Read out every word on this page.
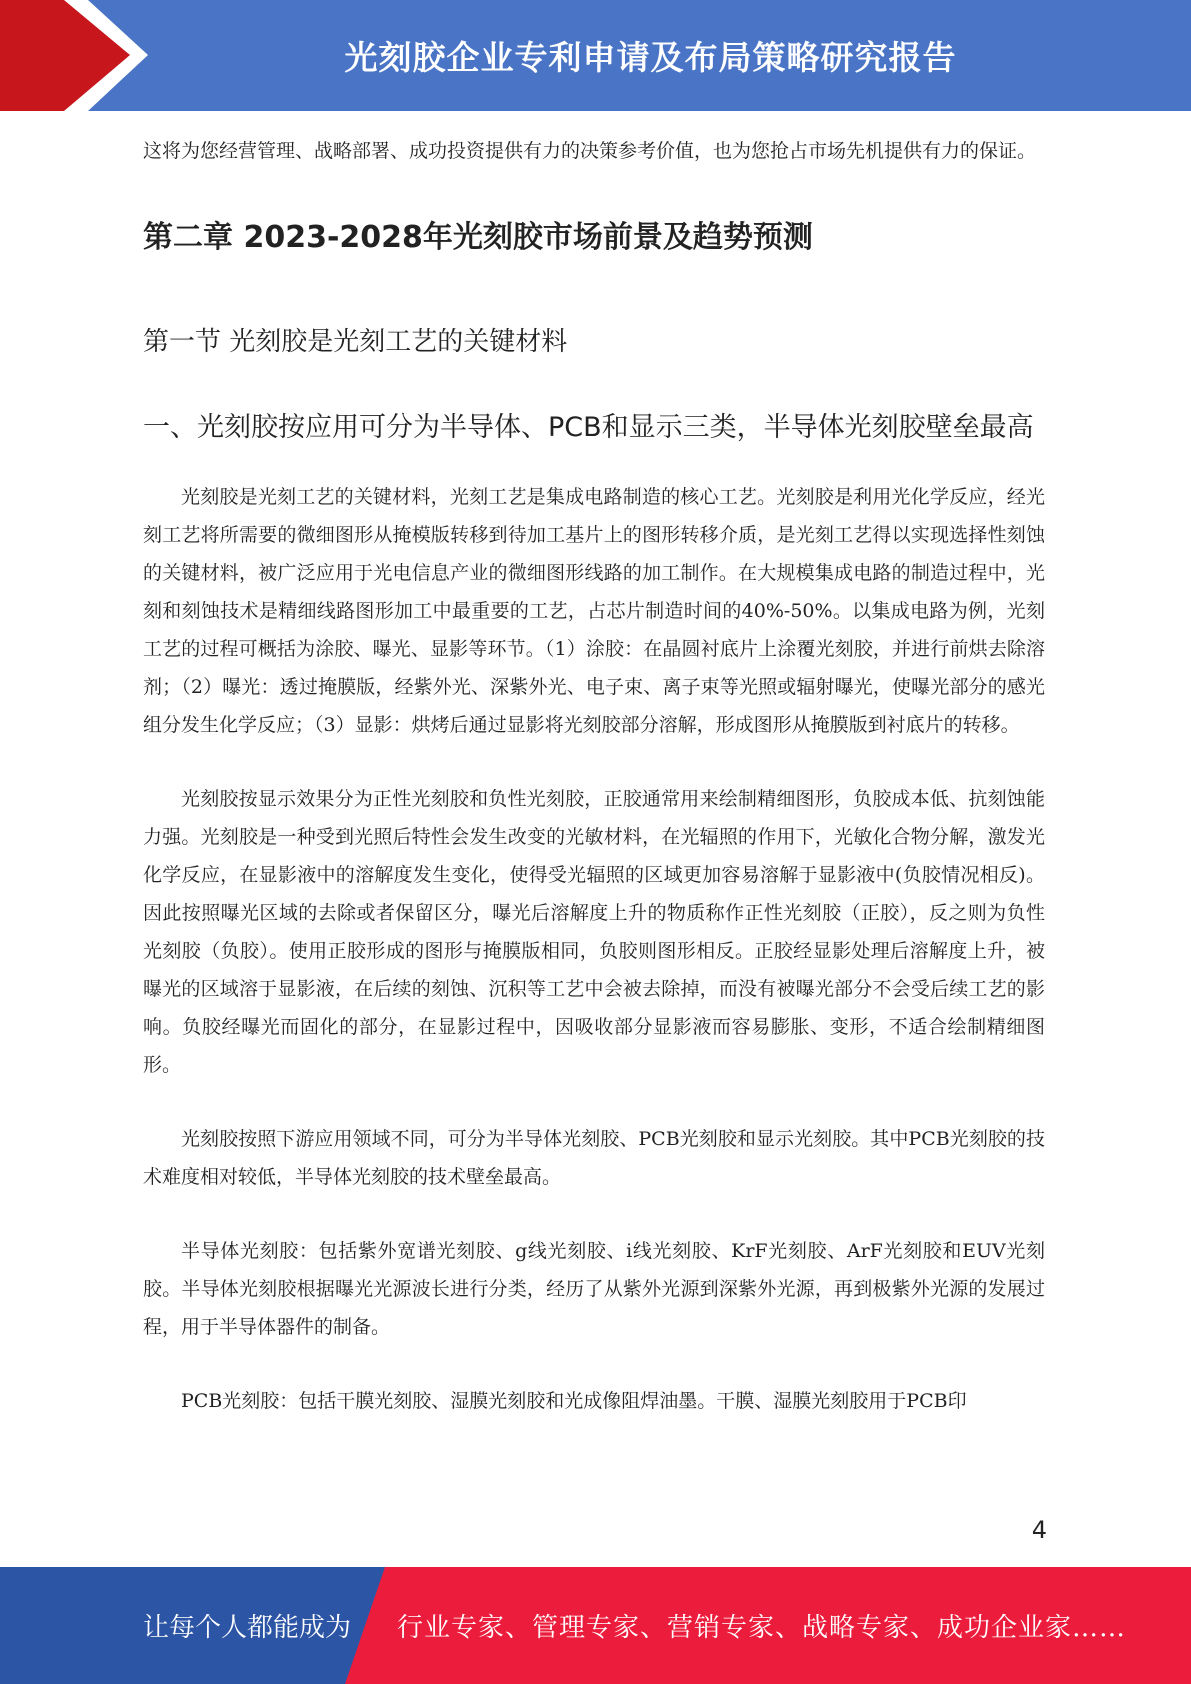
光刻胶企业专利申请及布局策略研究报告

这将为您经营管理、战略部署、成功投资提供有力的决策参考价值，也为您抢占市场先机提供有力的保证。

第二章 2023-2028年光刻胶市场前景及趋势预测
第一节 光刻胶是光刻工艺的关键材料
一、光刻胶按应用可分为半导体、PCB和显示三类，半导体光刻胶壁垒最高

光刻胶是光刻工艺的关键材料，光刻工艺是集成电路制造的核心工艺。光刻胶是利用光化学反应，经光刻工艺将所需要的微细图形从掩模版转移到待加工基片上的图形转移介质，是光刻工艺得以实现选择性刻蚀的关键材料，被广泛应用于光电信息产业的微细图形线路的加工制作。在大规模集成电路的制造过程中，光刻和刻蚀技术是精细线路图形加工中最重要的工艺，占芯片制造时间的40%-50%。以集成电路为例，光刻工艺的过程可概括为涂胶、曝光、显影等环节。（1）涂胶：在晶圆衬底片上涂覆光刻胶，并进行前烘去除溶剂；（2）曝光：透过掩膜版，经紫外光、深紫外光、电子束、离子束等光照或辐射曝光，使曝光部分的感光组分发生化学反应；（3）显影：烘烤后通过显影将光刻胶部分溶解，形成图形从掩膜版到衬底片的转移。

光刻胶按显示效果分为正性光刻胶和负性光刻胶，正胶通常用来绘制精细图形，负胶成本低、抗刻蚀能力强。光刻胶是一种受到光照后特性会发生改变的光敏材料，在光辐照的作用下，光敏化合物分解，激发光化学反应，在显影液中的溶解度发生变化，使得受光辐照的区域更加容易溶解于显影液中(负胶情况相反)。因此按照曝光区域的去除或者保留区分，曝光后溶解度上升的物质称作正性光刻胶（正胶），反之则为负性光刻胶（负胶）。使用正胶形成的图形与掩膜版相同，负胶则图形相反。正胶经显影处理后溶解度上升，被曝光的区域溶于显影液，在后续的刻蚀、沉积等工艺中会被去除掉，而没有被曝光部分不会受后续工艺的影响。负胶经曝光而固化的部分，在显影过程中，因吸收部分显影液而容易膨胀、变形，不适合绘制精细图形。

光刻胶按照下游应用领域不同，可分为半导体光刻胶、PCB光刻胶和显示光刻胶。其中PCB光刻胶的技术难度相对较低，半导体光刻胶的技术壁垒最高。

半导体光刻胶：包括紫外宽谱光刻胶、g线光刻胶、i线光刻胶、KrF光刻胶、ArF光刻胶和EUV光刻胶。半导体光刻胶根据曝光光源波长进行分类，经历了从紫外光源到深紫外光源，再到极紫外光源的发展过程，用于半导体器件的制备。

PCB光刻胶：包括干膜光刻胶、湿膜光刻胶和光成像阻焊油墨。干膜、湿膜光刻胶用于PCB印

4
让每个人都能成为 行业专家、管理专家、营销专家、战略专家、成功企业家……
